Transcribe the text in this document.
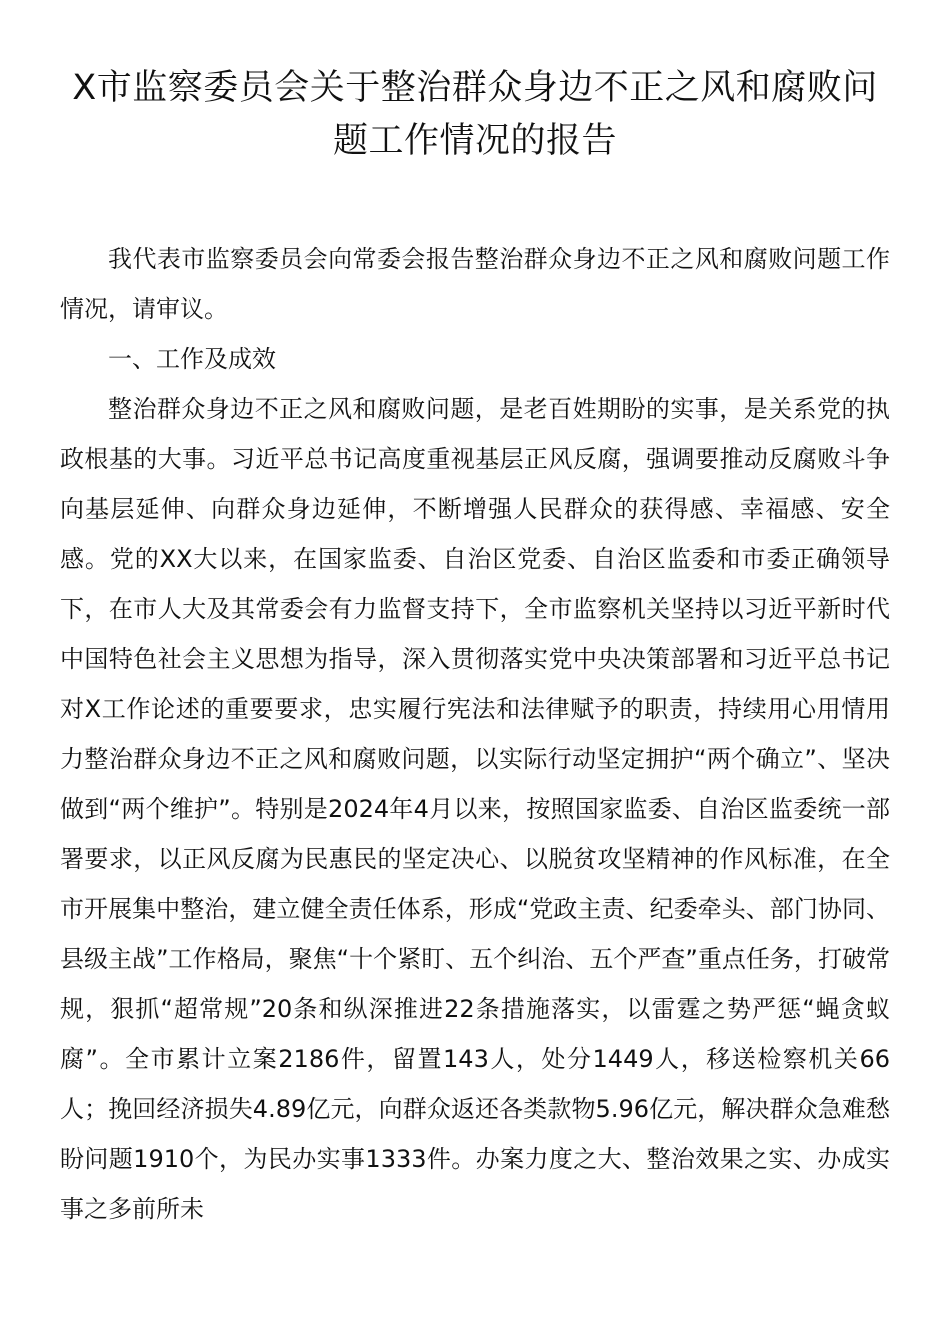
X市监察委员会关于整治群众身边不正之风和腐败问题工作情况的报告

我代表市监察委员会向常委会报告整治群众身边不正之风和腐败问题工作情况，请审议。

一、工作及成效

整治群众身边不正之风和腐败问题，是老百姓期盼的实事，是关系党的执政根基的大事。习近平总书记高度重视基层正风反腐，强调要推动反腐败斗争向基层延伸、向群众身边延伸，不断增强人民群众的获得感、幸福感、安全感。党的XX大以来，在国家监委、自治区党委、自治区监委和市委正确领导下，在市人大及其常委会有力监督支持下，全市监察机关坚持以习近平新时代中国特色社会主义思想为指导，深入贯彻落实党中央决策部署和习近平总书记对X工作论述的重要要求，忠实履行宪法和法律赋予的职责，持续用心用情用力整治群众身边不正之风和腐败问题，以实际行动坚定拥护“两个确立”、坚决做到“两个维护”。特别是2024年4月以来，按照国家监委、自治区监委统一部署要求，以正风反腐为民惠民的坚定决心、以脱贫攻坚精神的作风标准，在全市开展集中整治，建立健全责任体系，形成“党政主责、纪委牵头、部门协同、县级主战”工作格局，聚焦“十个紧盯、五个纠治、五个严查”重点任务，打破常规，狠抓“超常规”20条和纵深推进22条措施落实，以雷霆之势严惩“蝇贪蚁腐”。全市累计立案2186件，留置143人，处分1449人，移送检察机关66人；挽回经济损失4.89亿元，向群众返还各类款物5.96亿元，解决群众急难愁盼问题1910个，为民办实事1333件。办案力度之大、整治效果之实、办成实事之多前所未
